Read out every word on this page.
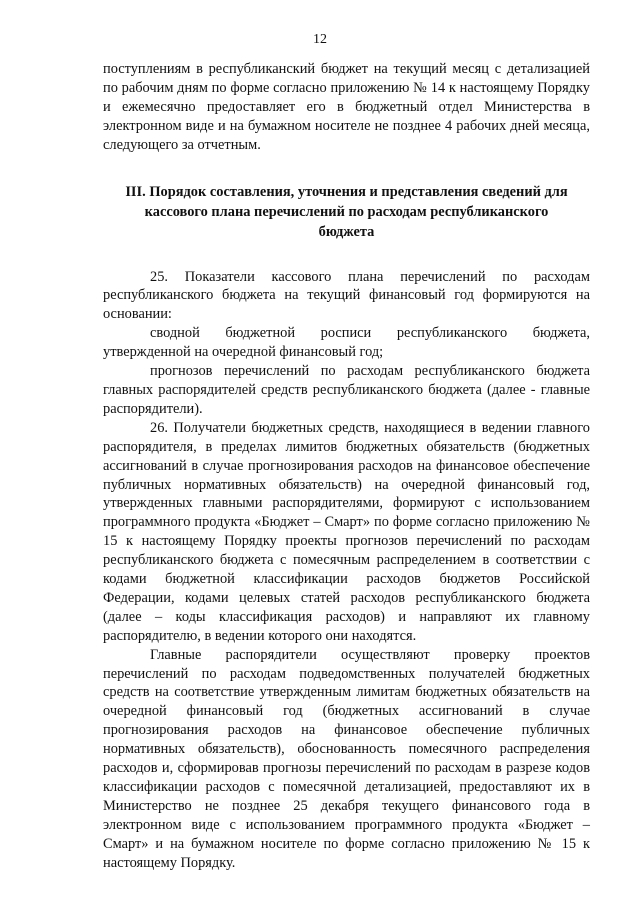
12

поступлениям в республиканский бюджет на текущий месяц с детализацией по рабочим дням по форме согласно приложению № 14 к настоящему Порядку и ежемесячно предоставляет его в бюджетный отдел Министерства в электронном виде и на бумажном носителе не позднее 4 рабочих дней месяца, следующего за отчетным.

III. Порядок составления, уточнения и представления сведений для
кассового плана перечислений по расходам республиканского
бюджета

25. Показатели кассового плана перечислений по расходам республиканского бюджета на текущий финансовый год формируются на основании:

сводной бюджетной росписи республиканского бюджета, утвержденной на очередной финансовый год;

прогнозов перечислений по расходам республиканского бюджета главных распорядителей средств республиканского бюджета (далее - главные распорядители).

26. Получатели бюджетных средств, находящиеся в ведении главного распорядителя, в пределах лимитов бюджетных обязательств (бюджетных ассигнований в случае прогнозирования расходов на финансовое обеспечение публичных нормативных обязательств) на очередной финансовый год, утвержденных главными распорядителями, формируют с использованием программного продукта «Бюджет – Смарт» по форме согласно приложению № 15 к настоящему Порядку проекты прогнозов перечислений по расходам республиканского бюджета с помесячным распределением в соответствии с кодами бюджетной классификации расходов бюджетов Российской Федерации, кодами целевых статей расходов республиканского бюджета (далее – коды классификация расходов) и направляют их главному распорядителю, в ведении которого они находятся.

Главные распорядители осуществляют проверку проектов перечислений по расходам подведомственных получателей бюджетных средств на соответствие утвержденным лимитам бюджетных обязательств на очередной финансовый год (бюджетных ассигнований в случае прогнозирования расходов на финансовое обеспечение публичных нормативных обязательств), обоснованность помесячного распределения расходов и, сформировав прогнозы перечислений по расходам в разрезе кодов классификации расходов с помесячной детализацией, предоставляют их в Министерство не позднее 25 декабря текущего финансового года в электронном виде с использованием программного продукта «Бюджет – Смарт» и на бумажном носителе по форме согласно приложению № 15 к настоящему Порядку.
